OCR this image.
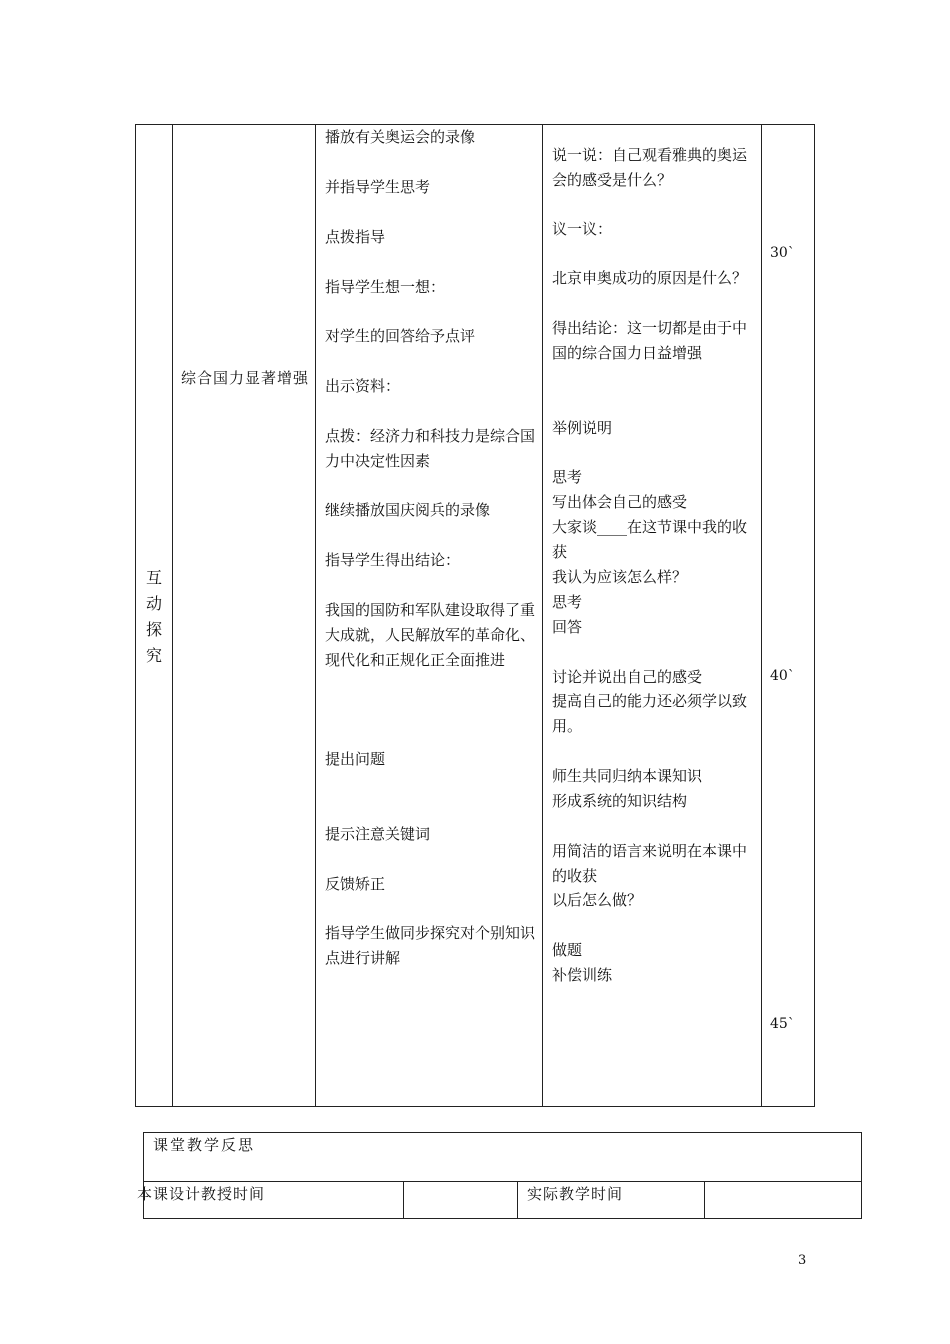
互动探究
综合国力显著增强
播放有关奥运会的录像
并指导学生思考
点拨指导
指导学生想一想：
对学生的回答给予点评
出示资料：
点拨：经济力和科技力是综合国力中决定性因素
继续播放国庆阅兵的录像
指导学生得出结论：
我国的国防和军队建设取得了重大成就，人民解放军的革命化、现代化和正规化正全面推进
提出问题
提示注意关键词
反馈矫正
指导学生做同步探究对个别知识点进行讲解
说一说：自己观看雅典的奥运会的感受是什么？
议一议：
北京申奥成功的原因是什么？
得出结论：这一切都是由于中国的综合国力日益增强
举例说明
思考
写出体会自己的感受
大家谈____在这节课中我的收获
我认为应该怎么样？
思考
回答
讨论并说出自己的感受
提高自己的能力还必须学以致用。
师生共同归纳本课知识
形成系统的知识结构
用简洁的语言来说明在本课中的收获
以后怎么做？
做题
补偿训练
30`
40`
45`
课堂教学反思
本课设计教授时间	实际教学时间
3
